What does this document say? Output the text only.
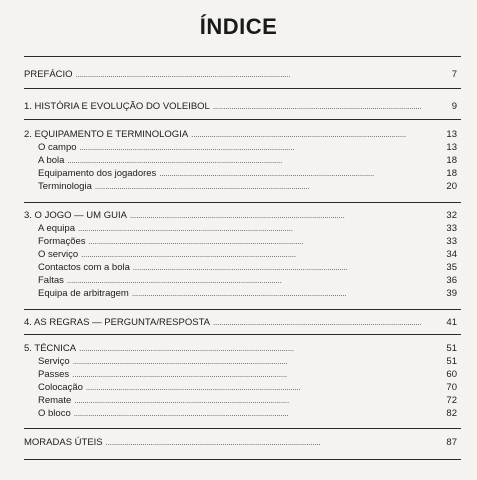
ÍNDICE
PREFÁCIO . . .	7
1. HISTÓRIA E EVOLUÇÃO DO VOLEIBOL . . .	9
2. EQUIPAMENTO E TERMINOLOGIA . . .	13
O campo . . .	13
A bola . . .	18
Equipamento dos jogadores . . .	18
Terminologia . . .	20
3. O JOGO — UM GUIA . . .	32
A equipa . . .	33
Formações . . .	33
O serviço . . .	34
Contactos com a bola . . .	35
Faltas . . .	36
Equipa de arbitragem . . .	39
4. AS REGRAS — PERGUNTA/RESPOSTA . . .	41
5. TÉCNICA . . .	51
Serviço . . .	51
Passes . . .	60
Colocação . . .	70
Remate . . .	72
O bloco . . .	82
MORADAS ÚTEIS . . .	87
